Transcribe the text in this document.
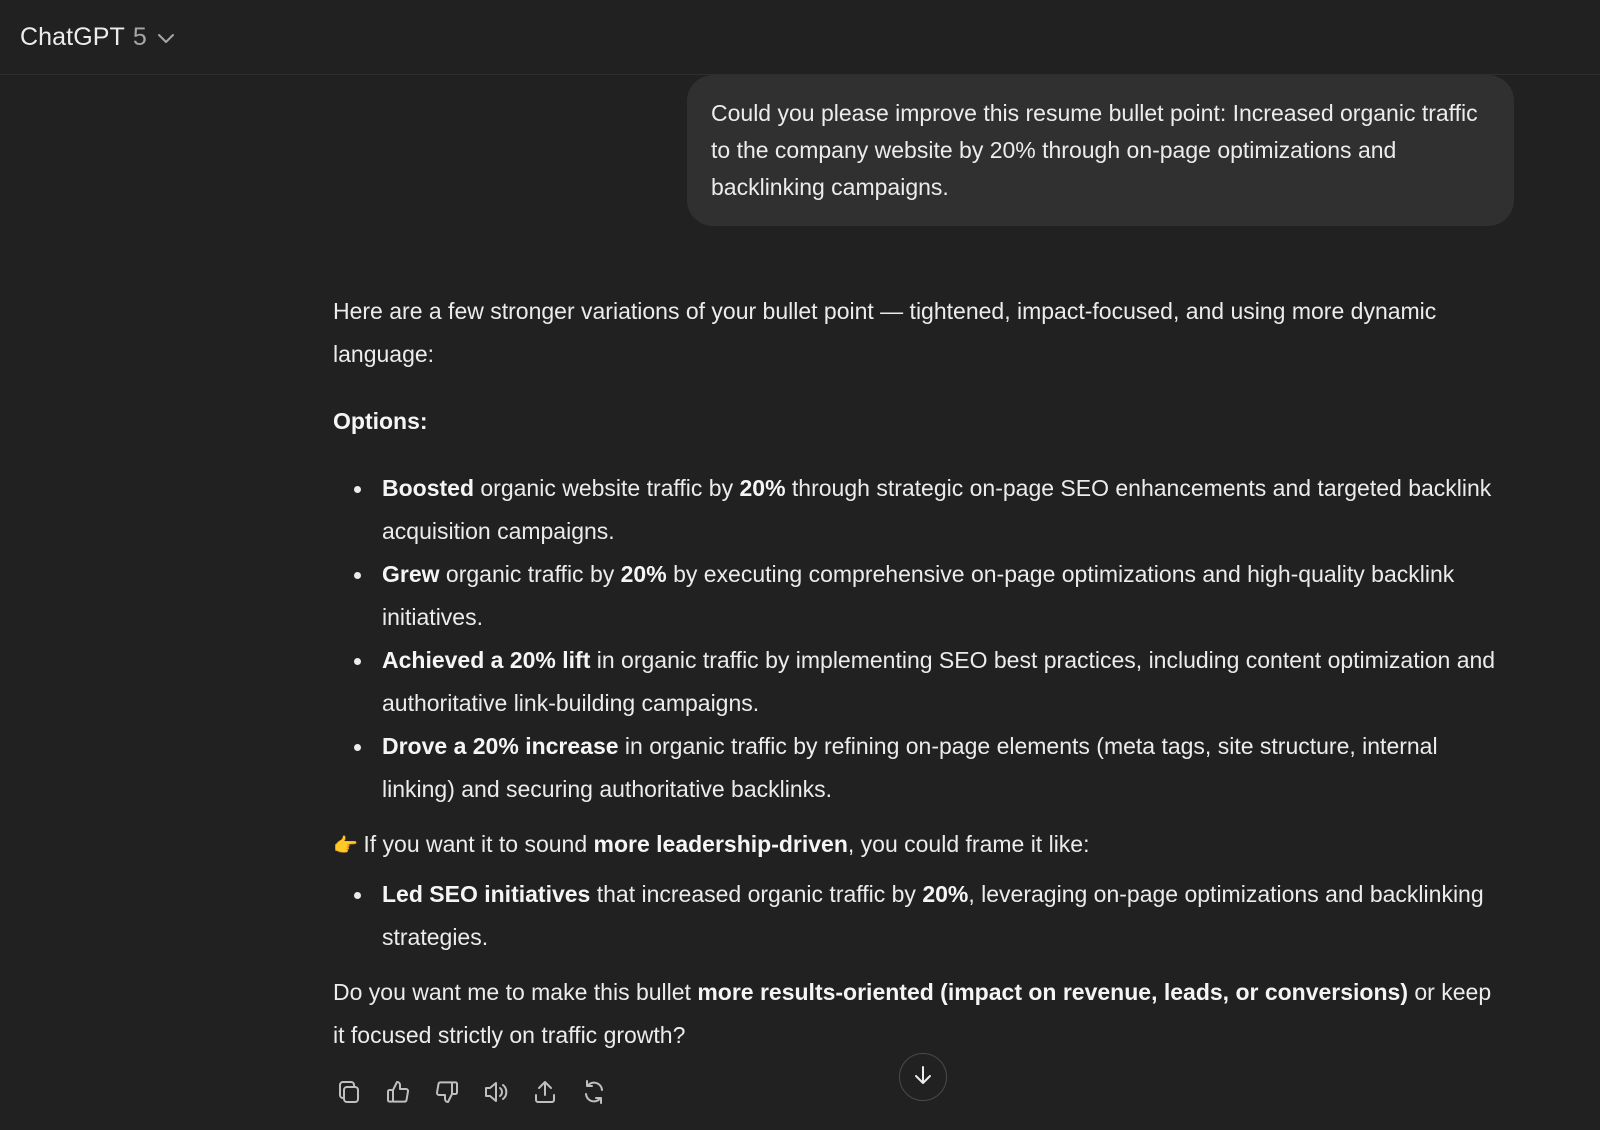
ChatGPT 5
Could you please improve this resume bullet point: Increased organic traffic to the company website by 20% through on-page optimizations and backlinking campaigns.

Here are a few stronger variations of your bullet point — tightened, impact-focused, and using more dynamic language:

Options:

Boosted organic website traffic by 20% through strategic on-page SEO enhancements and targeted backlink acquisition campaigns.
Grew organic traffic by 20% by executing comprehensive on-page optimizations and high-quality backlink initiatives.
Achieved a 20% lift in organic traffic by implementing SEO best practices, including content optimization and authoritative link-building campaigns.
Drove a 20% increase in organic traffic by refining on-page elements (meta tags, site structure, internal linking) and securing authoritative backlinks.

👉 If you want it to sound more leadership-driven, you could frame it like:

Led SEO initiatives that increased organic traffic by 20%, leveraging on-page optimizations and backlinking strategies.

Do you want me to make this bullet more results-oriented (impact on revenue, leads, or conversions) or keep it focused strictly on traffic growth?
